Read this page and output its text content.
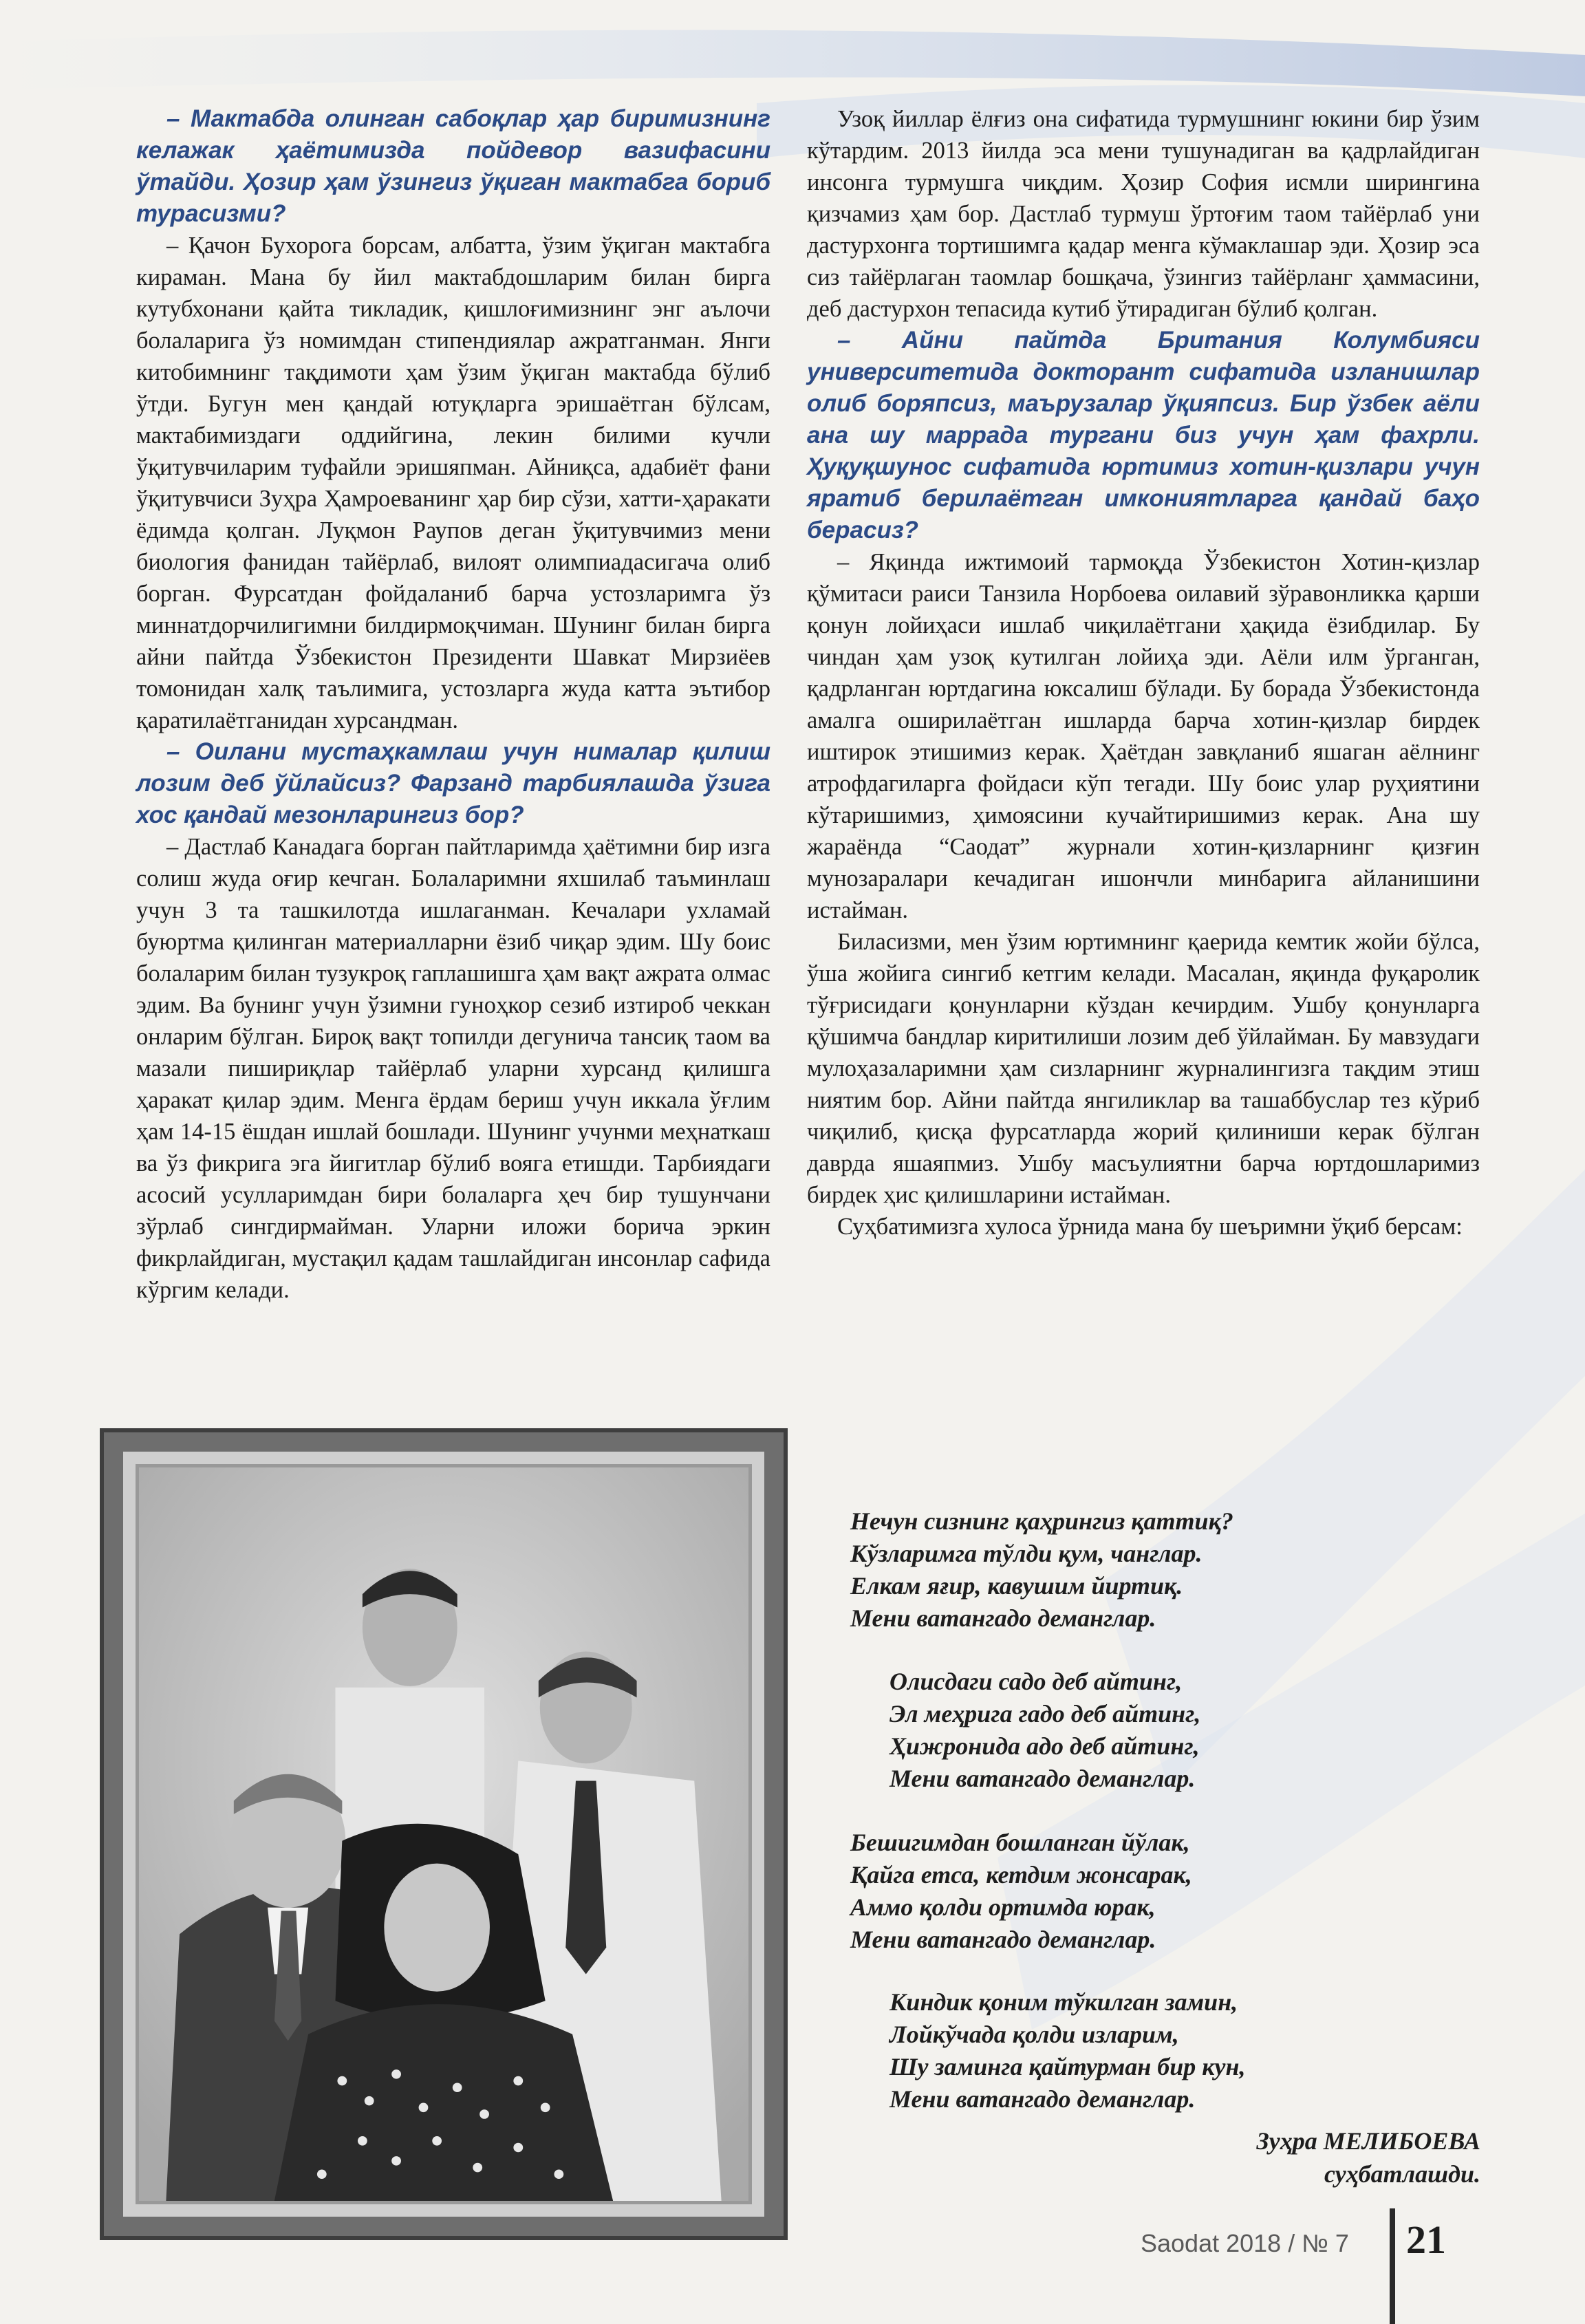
– Мактабда олинган сабоқлар ҳар биримизнинг келажак ҳаётимизда пойдевор вазифасини ўтайди. Ҳозир ҳам ўзингиз ўқиган мактабга бориб турасизми?

– Қачон Бухорога борсам, албатта, ўзим ўқиган мактабга кираман. Мана бу йил мактабдошларим билан бирга кутубхонани қайта тикладик, қишлоғимизнинг энг аълочи болаларига ўз номимдан стипендиялар ажратганман. Янги китобимнинг тақдимоти ҳам ўзим ўқиган мактабда бўлиб ўтди. Бугун мен қандай ютуқларга эришаётган бўлсам, мактабимиздаги оддийгина, лекин билими кучли ўқитувчиларим туфайли эришяпман. Айниқса, адабиёт фани ўқитувчиси Зуҳра Ҳамроеванинг ҳар бир сўзи, хатти-ҳаракати ёдимда қолган. Луқмон Раупов деган ўқитувчимиз мени биология фанидан тайёрлаб, вилоят олимпиадасигача олиб борган. Фурсатдан фойдаланиб барча устозларимга ўз миннатдорчилигимни билдирмоқчиман. Шунинг билан бирга айни пайтда Ўзбекистон Президенти Шавкат Мирзиёев томонидан халқ таълимига, устозларга жуда катта эътибор қаратилаётганидан хурсандман.

– Оилани мустаҳкамлаш учун нималар қилиш лозим деб ўйлайсиз? Фарзанд тарбиялашда ўзига хос қандай мезонларингиз бор?

– Дастлаб Канадага борган пайтларимда ҳаётимни бир изга солиш жуда оғир кечган. Болаларимни яхшилаб таъминлаш учун 3 та ташкилотда ишлаганман. Кечалари ухламай буюртма қилинган материалларни ёзиб чиқар эдим. Шу боис болаларим билан тузукроқ гаплашишга ҳам вақт ажрата олмас эдим. Ва бунинг учун ўзимни гуноҳкор сезиб изтироб чеккан онларим бўлган. Бироқ вақт топилди дегунича тансиқ таом ва мазали пишириқлар тайёрлаб уларни хурсанд қилишга ҳаракат қилар эдим. Менга ёрдам бериш учун иккала ўғлим ҳам 14-15 ёшдан ишлай бошлади. Шунинг учунми меҳнаткаш ва ўз фикрига эга йигитлар бўлиб вояга етишди. Тарбиядаги асосий усулларимдан бири болаларга ҳеч бир тушунчани зўрлаб сингдирмайман. Уларни иложи борича эркин фикрлайдиган, мустақил қадам ташлайдиган инсонлар сафида кўргим келади.

Узоқ йиллар ёлғиз она сифатида турмушнинг юкини бир ўзим кўтардим. 2013 йилда эса мени тушунадиган ва қадрлайдиган инсонга турмушга чиқдим. Ҳозир София исмли ширингина қизчамиз ҳам бор. Дастлаб турмуш ўртоғим таом тайёрлаб уни дастурхонга тортишимга қадар менга кўмаклашар эди. Ҳозир эса сиз тайёрлаган таомлар бошқача, ўзингиз тайёрланг ҳаммасини, деб дастурхон тепасида кутиб ўтирадиган бўлиб қолган.

– Айни пайтда Британия Колумбияси университетида докторант сифатида изланишлар олиб боряпсиз, маърузалар ўқияпсиз. Бир ўзбек аёли ана шу маррада тургани биз учун ҳам фахрли. Ҳуқуқшунос сифатида юртимиз хотин-қизлари учун яратиб берилаётган имкониятларга қандай баҳо берасиз?

– Яқинда ижтимоий тармоқда Ўзбекистон Хотин-қизлар қўмитаси раиси Танзила Норбоева оилавий зўравонликка қарши қонун лойиҳаси ишлаб чиқилаётгани ҳақида ёзибдилар. Бу чиндан ҳам узоқ кутилган лойиҳа эди. Аёли илм ўрганган, қадрланган юртдагина юксалиш бўлади. Бу борада Ўзбекистонда амалга оширилаётган ишларда барча хотин-қизлар бирдек иштирок этишимиз керак. Ҳаётдан завқланиб яшаган аёлнинг атрофдагиларга фойдаси кўп тегади. Шу боис улар руҳиятини кўтаришимиз, ҳимоясини кучайтиришимиз керак. Ана шу жараёнда “Саодат” журнали хотин-қизларнинг қизғин мунозаралари кечадиган ишончли минбарига айланишини истайман.

Биласизми, мен ўзим юртимнинг қаерида кемтик жойи бўлса, ўша жойига сингиб кетгим келади. Масалан, яқинда фуқаролик тўғрисидаги қонунларни кўздан кечирдим. Ушбу қонунларга қўшимча бандлар киритилиши лозим деб ўйлайман. Бу мавзудаги мулоҳазаларимни ҳам сизларнинг журналингизга тақдим этиш ниятим бор. Айни пайтда янгиликлар ва ташаббуслар тез кўриб чиқилиб, қисқа фурсатларда жорий қилиниши керак бўлган даврда яшаяпмиз. Ушбу масъулиятни барча юртдошларимиз бирдек ҳис қилишларини истайман.

Суҳбатимизга хулоса ўрнида мана бу шеъримни ўқиб берсам:

Нечун сизнинг қаҳрингиз қаттиқ?
Кўзларимга тўлди қум, чанглар.
Елкам яғир, кавушим йиртиқ.
Мени ватангадо деманглар.
Олисдаги садо деб айтинг,
Эл меҳрига гадо деб айтинг,
Ҳижронида адо деб айтинг,
Мени ватангадо деманглар.
Бешигимдан бошланган йўлак,
Қайга етса, кетдим жонсарак,
Аммо қолди ортимда юрак,
Мени ватангадо деманглар.
Киндик қоним тўкилган замин,
Лойкўчада қолди изларим,
Шу заминга қайтурман бир кун,
Мени ватангадо деманглар.
Зуҳра МЕЛИБОЕВА
суҳбатлашди.
Saodat 2018 / № 7 21
